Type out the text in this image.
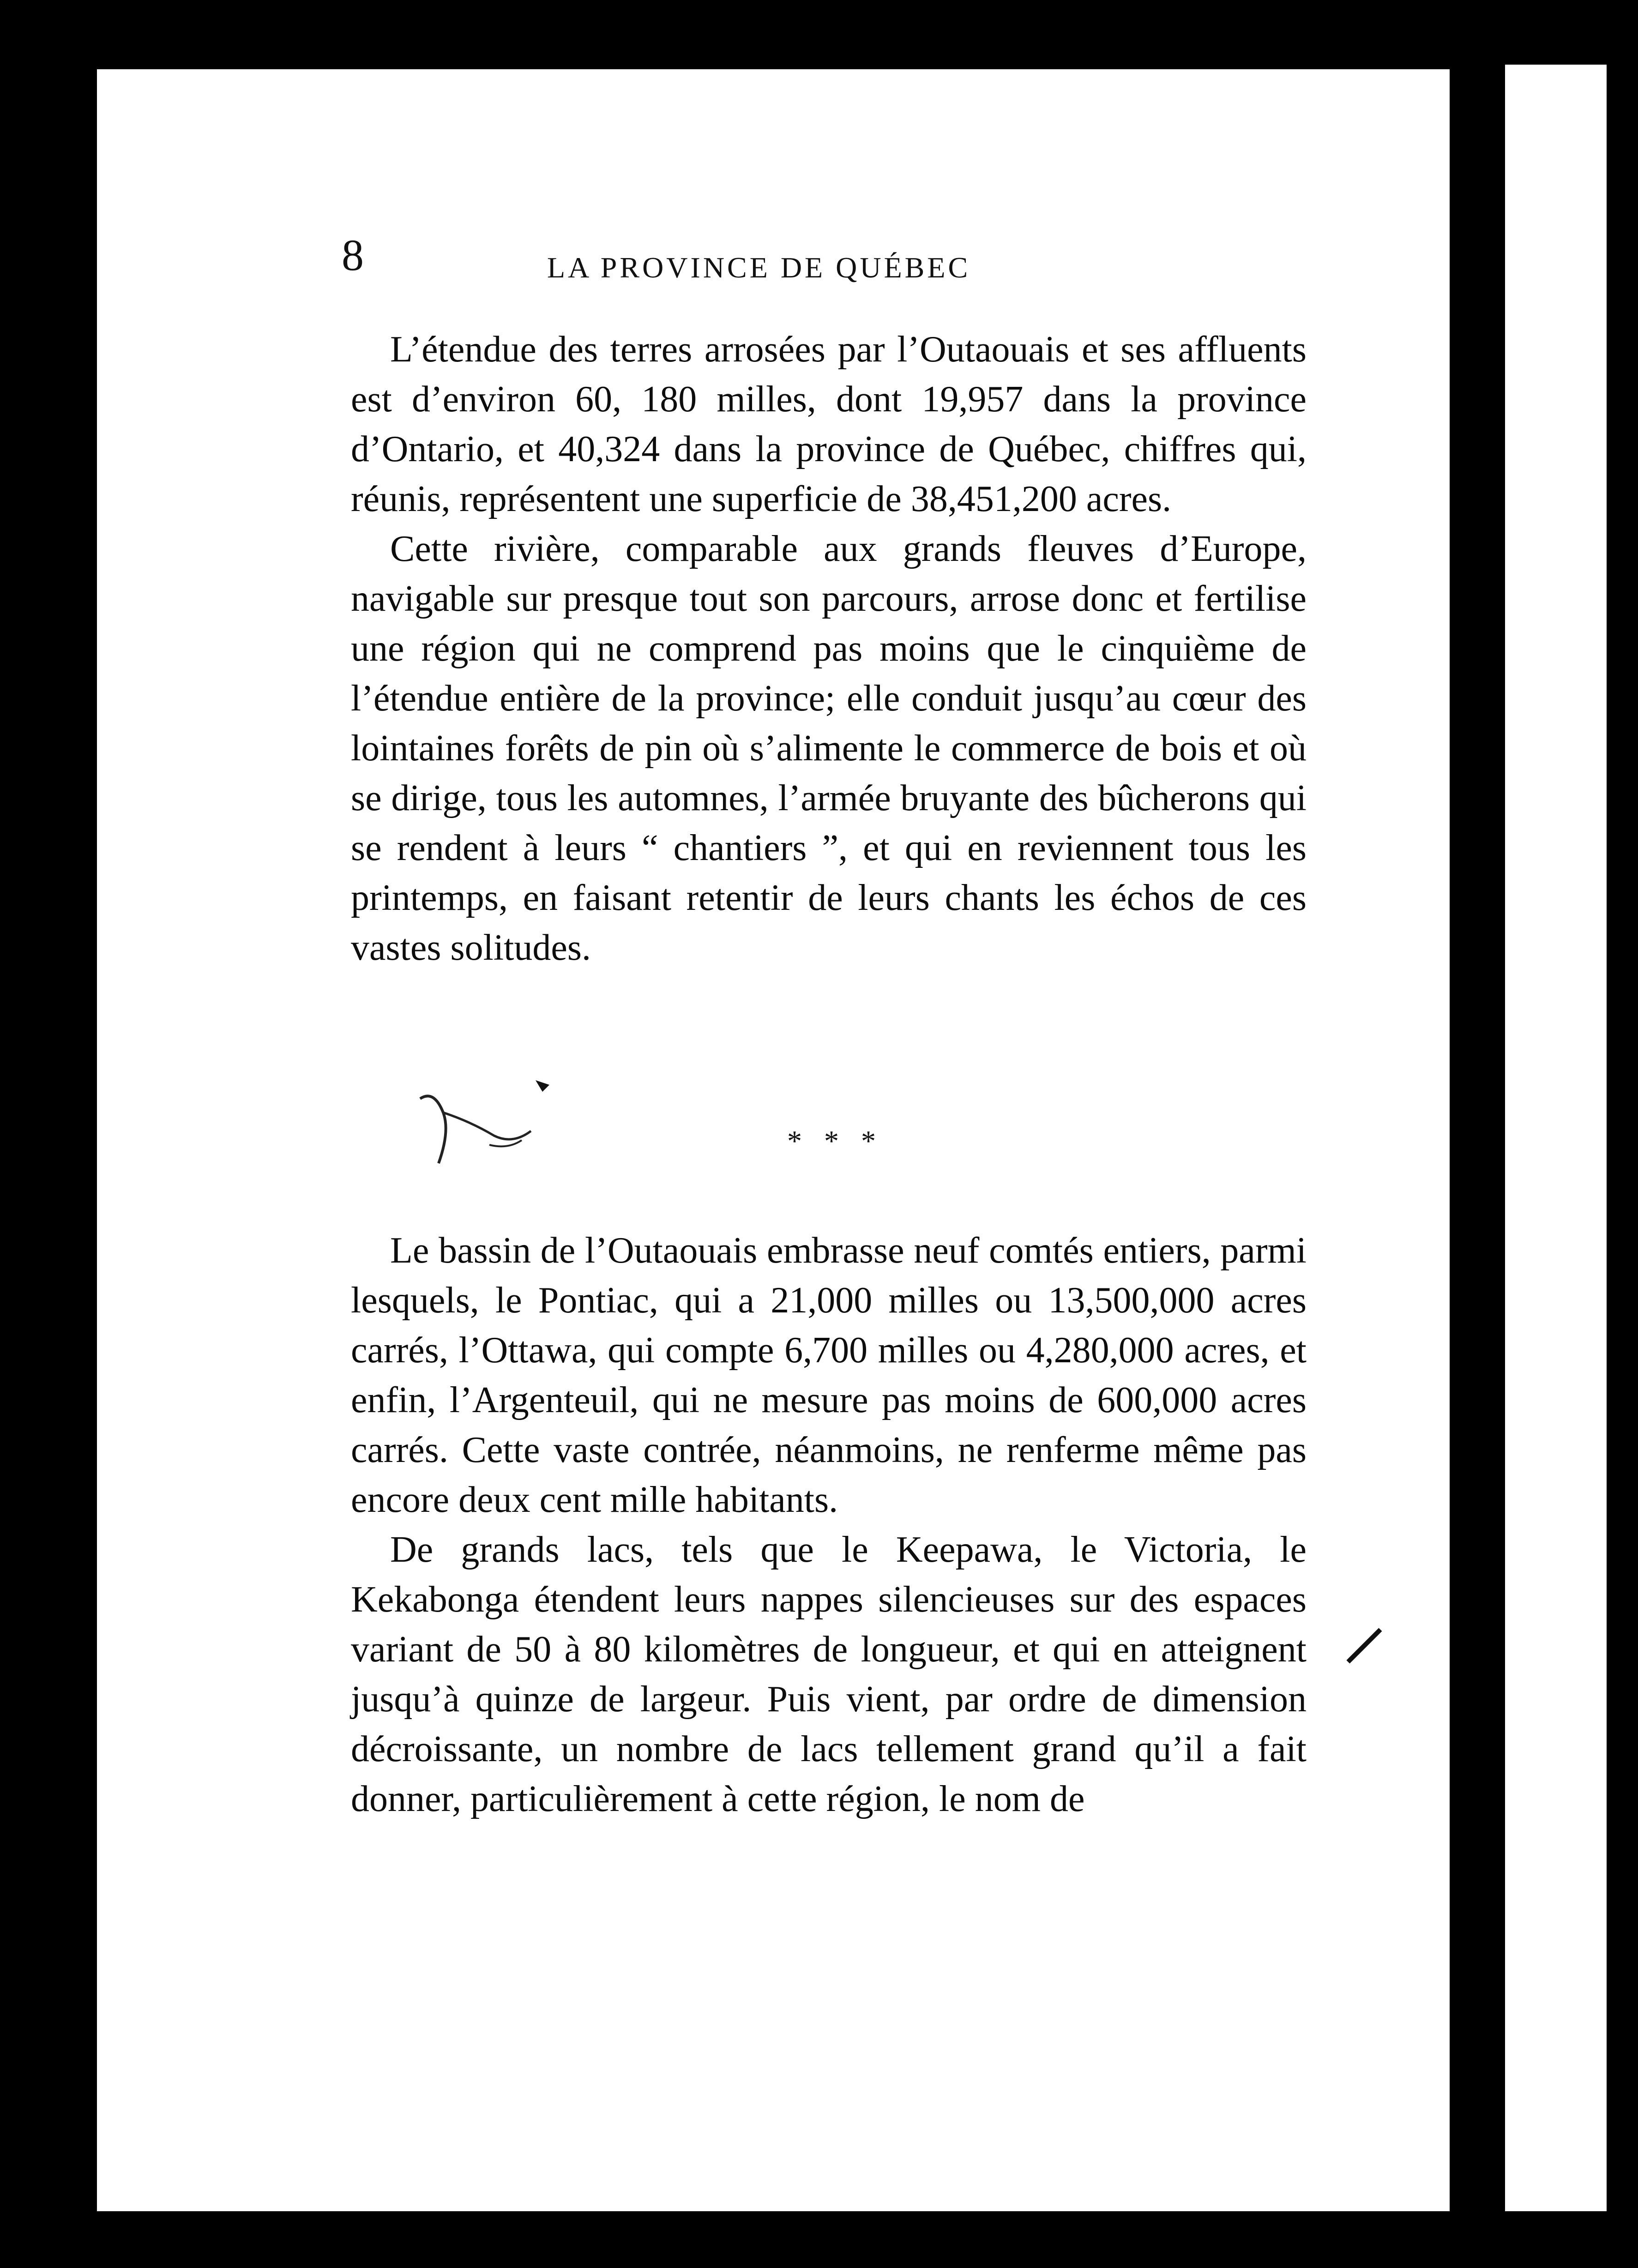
8	LA PROVINCE DE QUÉBEC

L’étendue des terres arrosées par l’Outaouais et ses affluents est d’environ 60, 180 milles, dont 19,957 dans la province d’Ontario, et 40,324 dans la province de Québec, chiffres qui, réunis, représentent une superficie de 38,451,200 acres.

Cette rivière, comparable aux grands fleuves d’Europe, navigable sur presque tout son parcours, arrose donc et fertilise une région qui ne comprend pas moins que le cinquième de l’étendue entière de la province; elle conduit jusqu’au cœur des lointaines forêts de pin où s’alimente le commerce de bois et où se dirige, tous les automnes, l’armée bruyante des bûcherons qui se rendent à leurs “ chantiers ”, et qui en reviennent tous les printemps, en faisant retentir de leurs chants les échos de ces vastes solitudes.

* * *

Le bassin de l’Outaouais embrasse neuf comtés entiers, parmi lesquels, le Pontiac, qui a 21,000 milles ou 13,500,000 acres carrés, l’Ottawa, qui compte 6,700 milles ou 4,280,000 acres, et enfin, l’Argenteuil, qui ne mesure pas moins de 600,000 acres carrés. Cette vaste contrée, néanmoins, ne renferme même pas encore deux cent mille habitants.

De grands lacs, tels que le Keepawa, le Victoria, le Kekabonga étendent leurs nappes silencieuses sur des espaces variant de 50 à 80 kilomètres de longueur, et qui en atteignent jusqu’à quinze de largeur. Puis vient, par ordre de dimension décroissante, un nombre de lacs tellement grand qu’il a fait donner, particulièrement à cette région, le nom de
